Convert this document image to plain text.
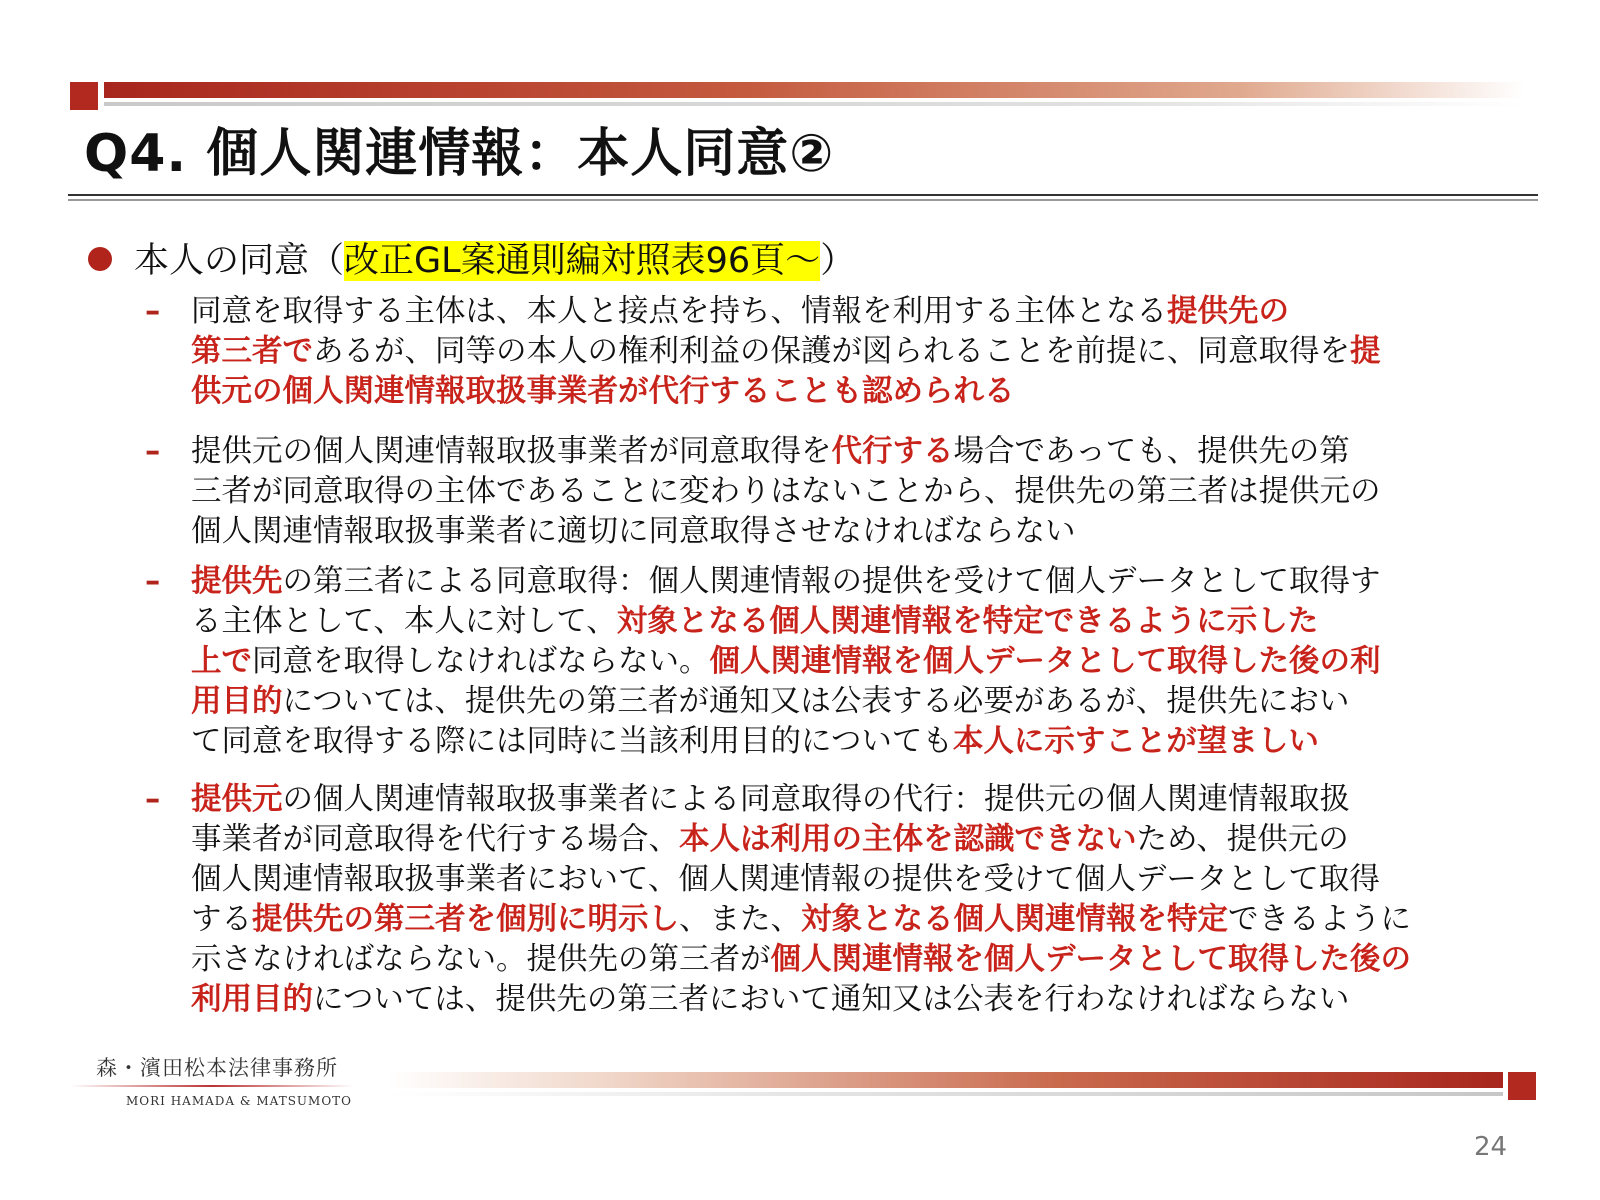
Q4. 個人関連情報：本人同意②
本人の同意（改正GL案通則編対照表96頁～）
– 同意を取得する主体は、本人と接点を持ち、情報を利用する主体となる提供先の
第三者であるが、同等の本人の権利利益の保護が図られることを前提に、同意取得を提
供元の個人関連情報取扱事業者が代行することも認められる
– 提供元の個人関連情報取扱事業者が同意取得を代行する場合であっても、提供先の第
三者が同意取得の主体であることに変わりはないことから、提供先の第三者は提供元の
個人関連情報取扱事業者に適切に同意取得させなければならない
– 提供先の第三者による同意取得：個人関連情報の提供を受けて個人データとして取得す
る主体として、本人に対して、対象となる個人関連情報を特定できるように示した
上で同意を取得しなければならない。個人関連情報を個人データとして取得した後の利
用目的については、提供先の第三者が通知又は公表する必要があるが、提供先におい
て同意を取得する際には同時に当該利用目的についても本人に示すことが望ましい
– 提供元の個人関連情報取扱事業者による同意取得の代行：提供元の個人関連情報取扱
事業者が同意取得を代行する場合、本人は利用の主体を認識できないため、提供元の
個人関連情報取扱事業者において、個人関連情報の提供を受けて個人データとして取得
する提供先の第三者を個別に明示し、また、対象となる個人関連情報を特定できるように
示さなければならない。提供先の第三者が個人関連情報を個人データとして取得した後の
利用目的については、提供先の第三者において通知又は公表を行わなければならない
森・濱田松本法律事務所
MORI HAMADA & MATSUMOTO
24
